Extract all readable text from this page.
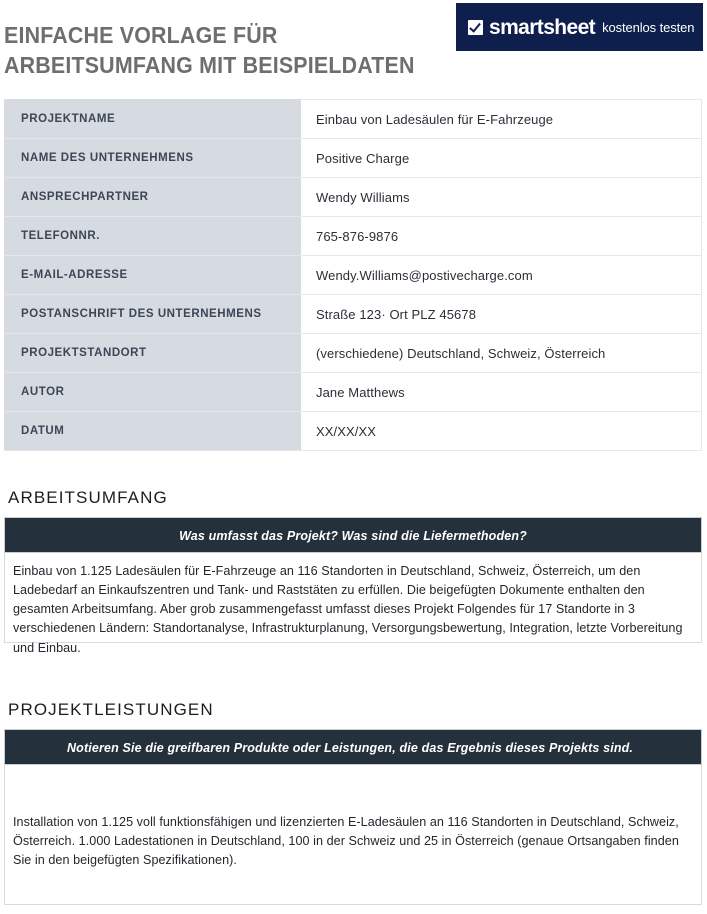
EINFACHE VORLAGE FÜR
ARBEITSUMFANG MIT BEISPIELDATEN
smartsheet kostenlos testen
PROJEKTNAME	Einbau von Ladesäulen für E-Fahrzeuge
NAME DES UNTERNEHMENS	Positive Charge
ANSPRECHPARTNER	Wendy Williams
TELEFONNR.	765-876-9876
E-MAIL-ADRESSE	Wendy.Williams@postivecharge.com
POSTANSCHRIFT DES UNTERNEHMENS	Straße 123· Ort PLZ 45678
PROJEKTSTANDORT	(verschiedene) Deutschland, Schweiz, Österreich
AUTOR	Jane Matthews
DATUM	XX/XX/XX
ARBEITSUMFANG
Was umfasst das Projekt? Was sind die Liefermethoden?

Einbau von 1.125 Ladesäulen für E-Fahrzeuge an 116 Standorten in Deutschland, Schweiz, Österreich, um den Ladebedarf an Einkaufszentren und Tank- und Raststäten zu erfüllen. Die beigefügten Dokumente enthalten den gesamten Arbeitsumfang. Aber grob zusammengefasst umfasst dieses Projekt Folgendes für 17 Standorte in 3 verschiedenen Ländern: Standortanalyse, Infrastrukturplanung, Versorgungsbewertung, Integration, letzte Vorbereitung und Einbau.

PROJEKTLEISTUNGEN
Notieren Sie die greifbaren Produkte oder Leistungen, die das Ergebnis dieses Projekts sind.

Installation von 1.125 voll funktionsfähigen und lizenzierten E-Ladesäulen an 116 Standorten in Deutschland, Schweiz, Österreich. 1.000 Ladestationen in Deutschland, 100 in der Schweiz und 25 in Österreich (genaue Ortsangaben finden Sie in den beigefügten Spezifikationen).
